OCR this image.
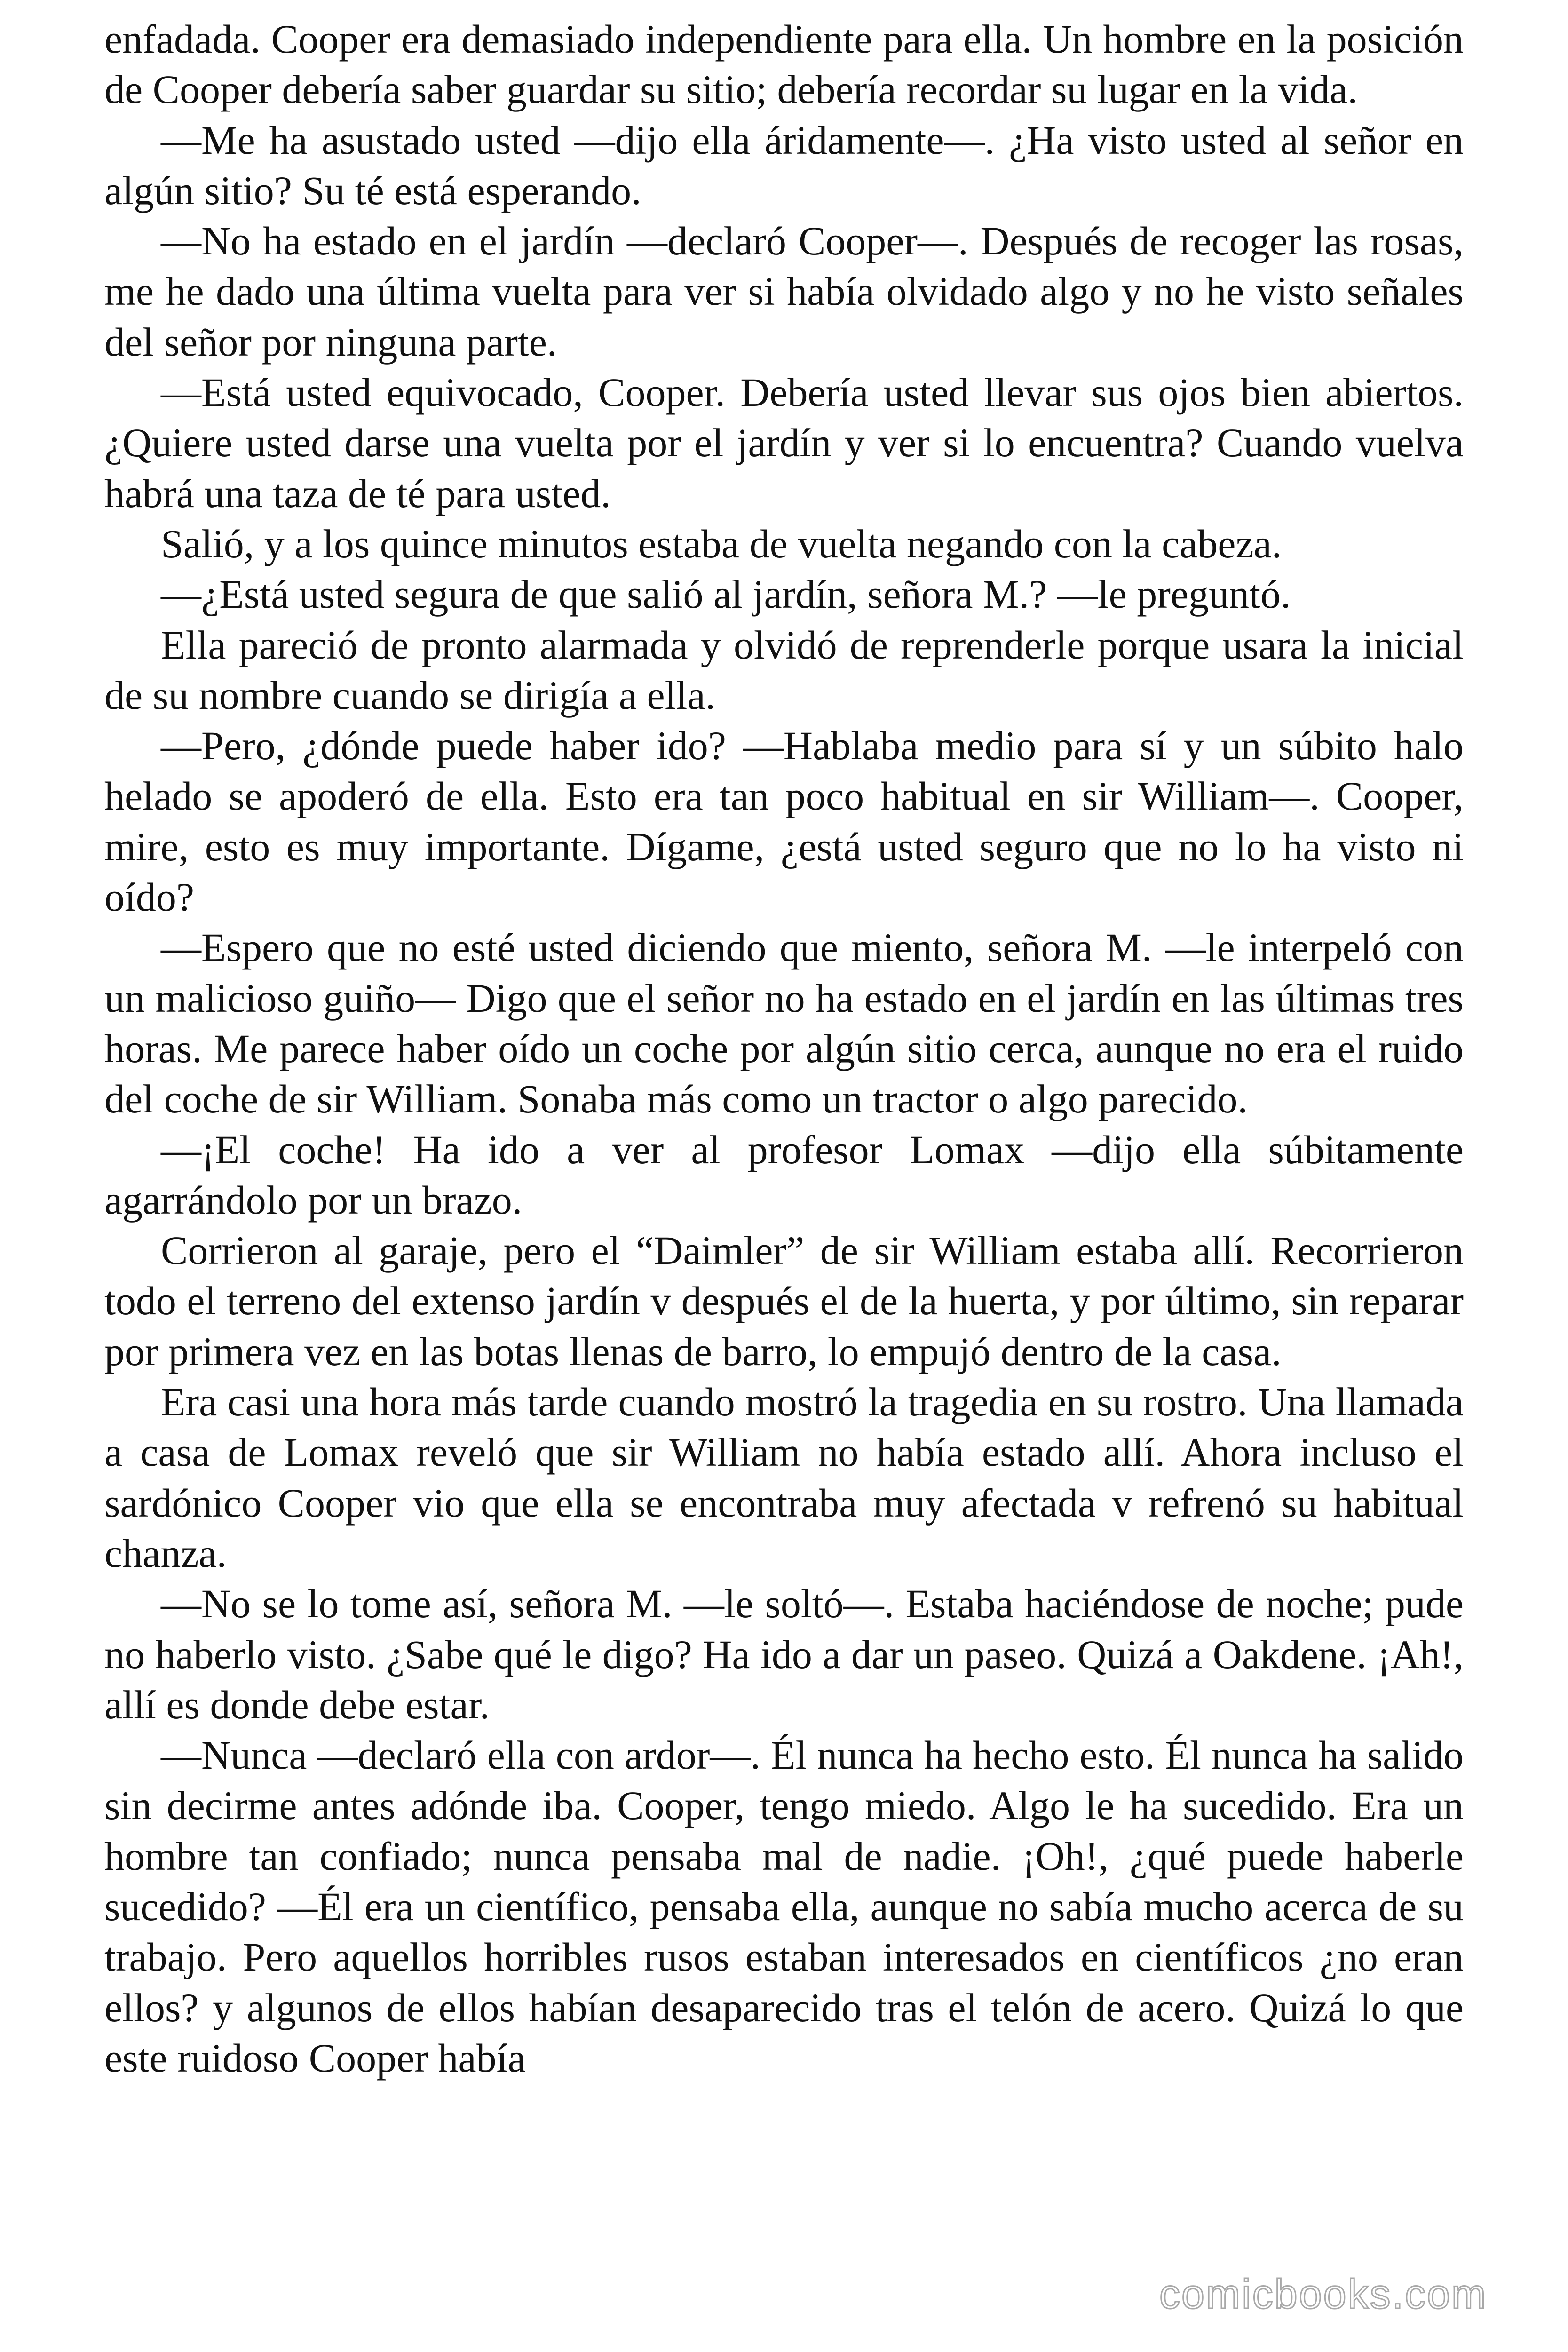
enfadada. Cooper era demasiado independiente para ella. Un hombre en la posición de Cooper debería saber guardar su sitio; debería recordar su lugar en la vida.

—Me ha asustado usted —dijo ella áridamente—. ¿Ha visto usted al señor en algún sitio? Su té está esperando.

—No ha estado en el jardín —declaró Cooper—. Después de recoger las rosas, me he dado una última vuelta para ver si había olvidado algo y no he visto señales del señor por ninguna parte.

—Está usted equivocado, Cooper. Debería usted llevar sus ojos bien abiertos. ¿Quiere usted darse una vuelta por el jardín y ver si lo encuentra? Cuando vuelva habrá una taza de té para usted.

Salió, y a los quince minutos estaba de vuelta negando con la cabeza.

—¿Está usted segura de que salió al jardín, señora M.? —le preguntó.

Ella pareció de pronto alarmada y olvidó de reprenderle porque usara la inicial de su nombre cuando se dirigía a ella.

—Pero, ¿dónde puede haber ido? —Hablaba medio para sí y un súbito halo helado se apoderó de ella. Esto era tan poco habitual en sir William—. Cooper, mire, esto es muy importante. Dígame, ¿está usted seguro que no lo ha visto ni oído?

—Espero que no esté usted diciendo que miento, señora M. —le interpeló con un malicioso guiño— Digo que el señor no ha estado en el jardín en las últimas tres horas. Me parece haber oído un coche por algún sitio cerca, aunque no era el ruido del coche de sir William. Sonaba más como un tractor o algo parecido.

—¡El coche! Ha ido a ver al profesor Lomax —dijo ella súbitamente agarrándolo por un brazo.

Corrieron al garaje, pero el “Daimler” de sir William estaba allí. Recorrieron todo el terreno del extenso jardín v después el de la huerta, y por último, sin reparar por primera vez en las botas llenas de barro, lo empujó dentro de la casa.

Era casi una hora más tarde cuando mostró la tragedia en su rostro. Una llamada a casa de Lomax reveló que sir William no había estado allí. Ahora incluso el sardónico Cooper vio que ella se encontraba muy afectada v refrenó su habitual chanza.

—No se lo tome así, señora M. —le soltó—. Estaba haciéndose de noche; pude no haberlo visto. ¿Sabe qué le digo? Ha ido a dar un paseo. Quizá a Oakdene. ¡Ah!, allí es donde debe estar.

—Nunca —declaró ella con ardor—. Él nunca ha hecho esto. Él nunca ha salido sin decirme antes adónde iba. Cooper, tengo miedo. Algo le ha sucedido. Era un hombre tan confiado; nunca pensaba mal de nadie. ¡Oh!, ¿qué puede haberle sucedido? —Él era un científico, pensaba ella, aunque no sabía mucho acerca de su trabajo. Pero aquellos horribles rusos estaban interesados en científicos ¿no eran ellos? y algunos de ellos habían desaparecido tras el telón de acero. Quizá lo que este ruidoso Cooper había

comicbooks.com
